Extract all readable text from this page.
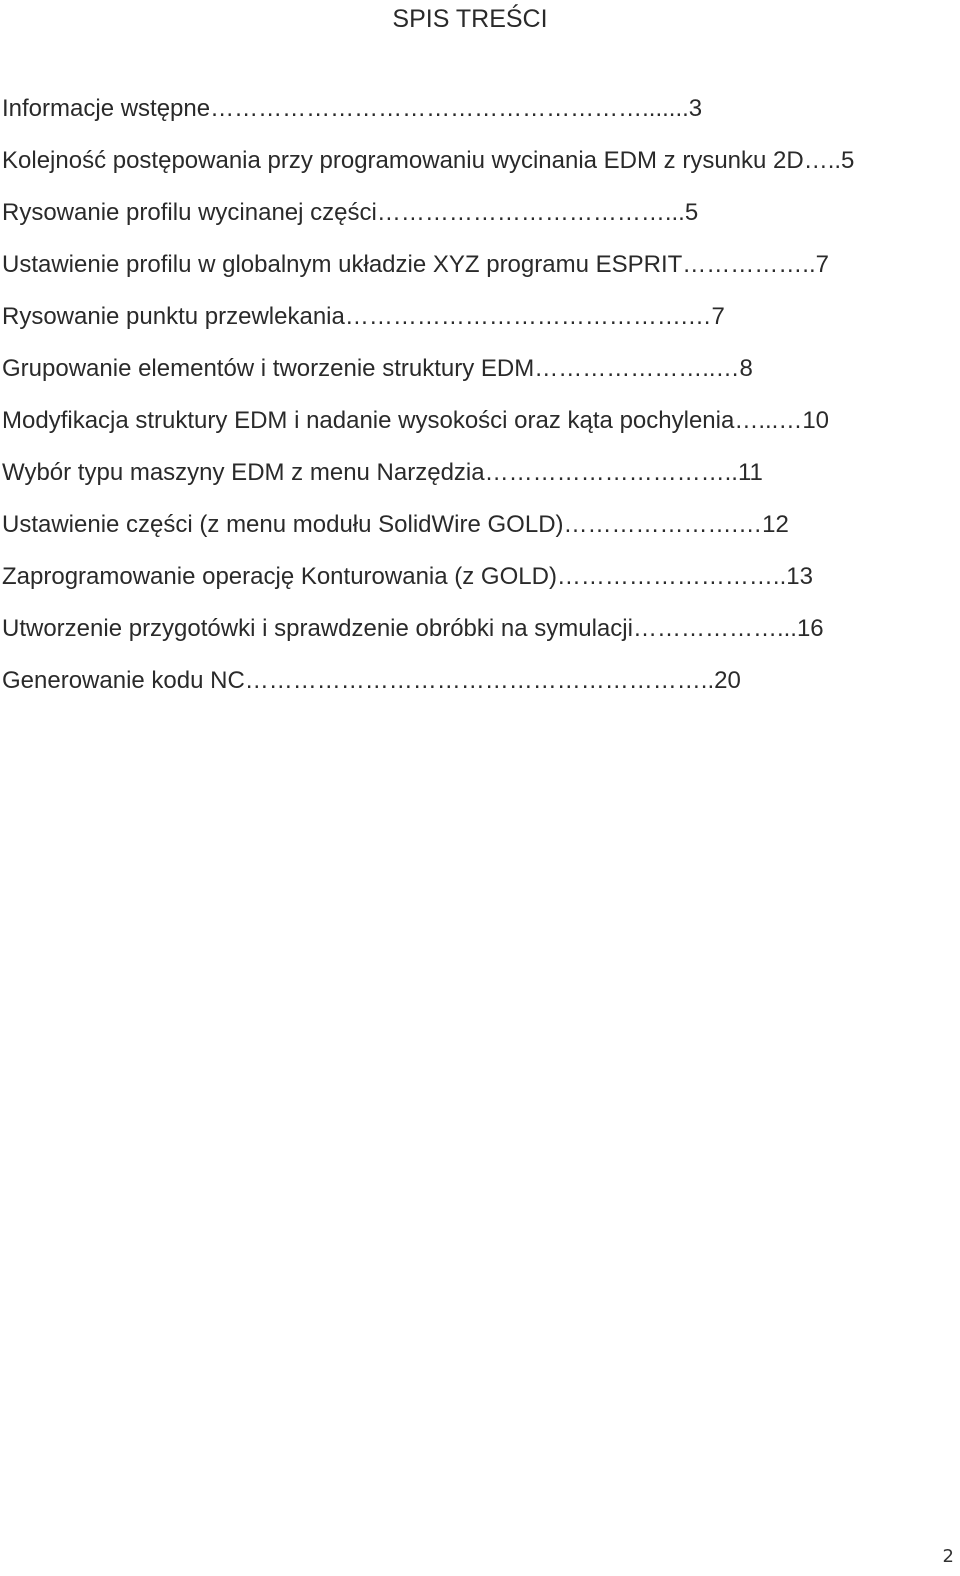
SPIS TREŚCI
Informacje wstępne……………………………………………….......3
Kolejność postępowania przy programowaniu wycinania EDM z rysunku 2D…..5
Rysowanie profilu wycinanej części………………………………...5
Ustawienie profilu w globalnym układzie XYZ programu ESPRIT……………..7
Rysowanie punktu przewlekania…………………………………….…7
Grupowanie elementów i tworzenie struktury EDM…………………..…8
Modyfikacja struktury EDM i nadanie wysokości oraz kąta pochylenia…...…10
Wybór typu maszyny EDM z menu Narzędzia…………………………..11
Ustawienie części (z menu modułu SolidWire GOLD)………………….…12
Zaprogramowanie operację Konturowania (z GOLD)………………………..13
Utworzenie przygotówki i sprawdzenie obróbki na symulacji………………...16
Generowanie kodu NC…………………………………………………..20
2
